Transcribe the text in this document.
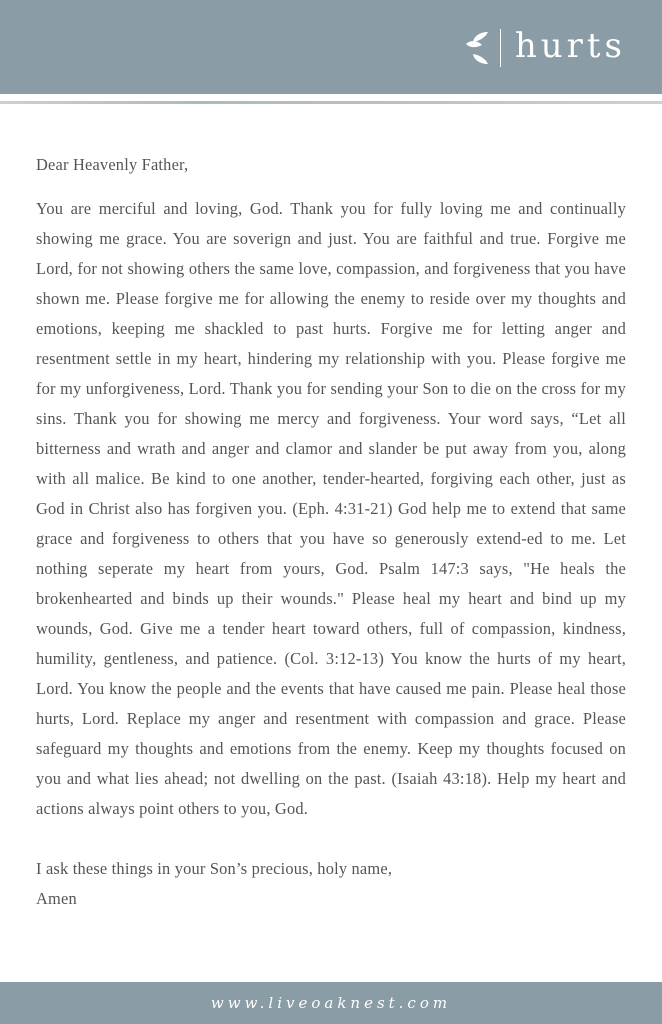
hurts

Dear Heavenly Father,

You are merciful and loving, God. Thank you for fully loving me and continually showing me grace. You are soverign and just. You are faithful and true. Forgive me Lord, for not showing others the same love, compassion, and forgiveness that you have shown me. Please forgive me for allowing the enemy to reside over my thoughts and emotions, keeping me shackled to past hurts. Forgive me for letting anger and resentment settle in my heart, hindering my relationship with you. Please forgive me for my unforgiveness, Lord. Thank you for sending your Son to die on the cross for my sins. Thank you for showing me mercy and forgiveness. Your word says, “Let all bitterness and wrath and anger and clamor and slander be put away from you, along with all malice. Be kind to one another, tender-hearted, forgiving each other, just as God in Christ also has forgiven you. (Eph. 4:31-21) God help me to extend that same grace and forgiveness to others that you have so generously extend-ed to me. Let nothing seperate my heart from yours, God. Psalm 147:3 says, "He heals the brokenhearted and binds up their wounds." Please heal my heart and bind up my wounds, God. Give me a tender heart toward others, full of compassion, kindness, humility, gentleness, and patience. (Col. 3:12-13) You know the hurts of my heart, Lord. You know the people and the events that have caused me pain. Please heal those hurts, Lord. Replace my anger and resentment with compassion and grace. Please safeguard my thoughts and emotions from the enemy. Keep my thoughts focused on you and what lies ahead; not dwelling on the past. (Isaiah 43:18). Help my heart and actions always point others to you, God.

I ask these things in your Son’s precious, holy name,

Amen

www.liveoaknest.com
